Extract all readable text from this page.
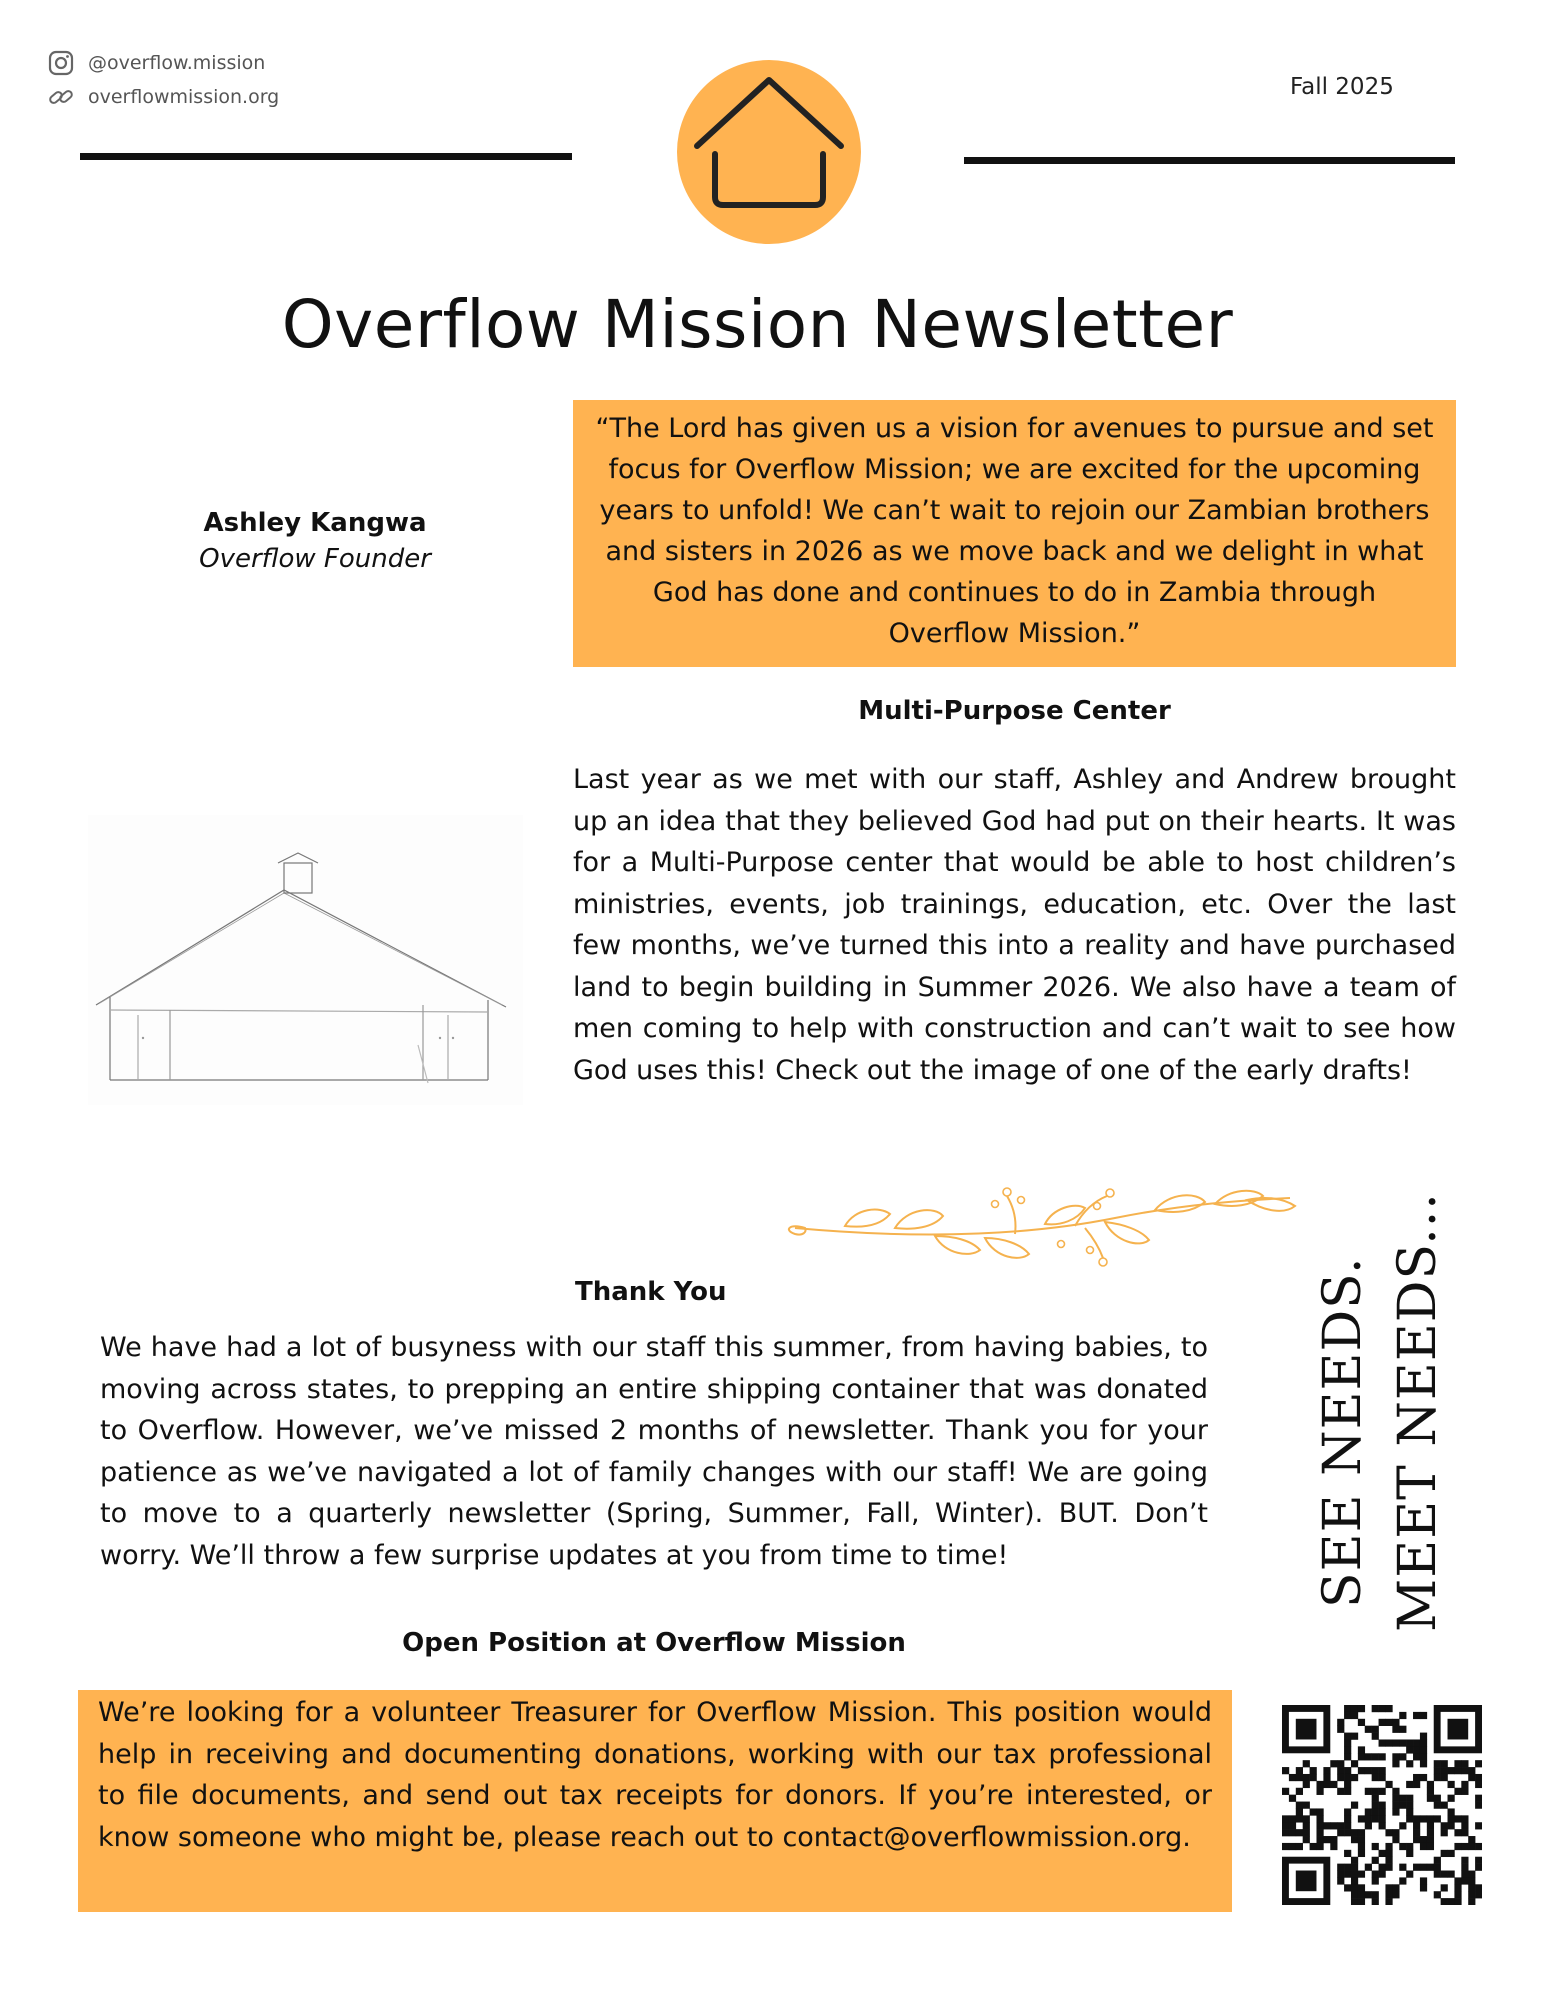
@overflow.mission
overflowmission.org	Fall 2025
Overflow Mission Newsletter
Ashley Kangwa
Overflow Founder
“The Lord has given us a vision for avenues to pursue and set focus for Overflow Mission; we are excited for the upcoming years to unfold! We can’t wait to rejoin our Zambian brothers and sisters in 2026 as we move back and we delight in what God has done and continues to do in Zambia through Overflow Mission.”
Multi-Purpose Center
Last year as we met with our staff, Ashley and Andrew brought up an idea that they believed God had put on their hearts. It was for a Multi-Purpose center that would be able to host children’s ministries, events, job trainings, education, etc. Over the last few months, we’ve turned this into a reality and have purchased land to begin building in Summer 2026. We also have a team of men coming to help with construction and can’t wait to see how God uses this! Check out the image of one of the early drafts!
Thank You
We have had a lot of busyness with our staff this summer, from having babies, to moving across states, to prepping an entire shipping container that was donated to Overflow. However, we’ve missed 2 months of newsletter. Thank you for your patience as we’ve navigated a lot of family changes with our staff! We are going to move to a quarterly newsletter (Spring, Summer, Fall, Winter). BUT. Don’t worry. We’ll throw a few surprise updates at you from time to time!	SEE NEEDS. MEET NEEDS...
Open Position at Overflow Mission
We’re looking for a volunteer Treasurer for Overflow Mission. This position would help in receiving and documenting donations, working with our tax professional to file documents, and send out tax receipts for donors. If you’re interested, or know someone who might be, please reach out to contact@overflowmission.org.
